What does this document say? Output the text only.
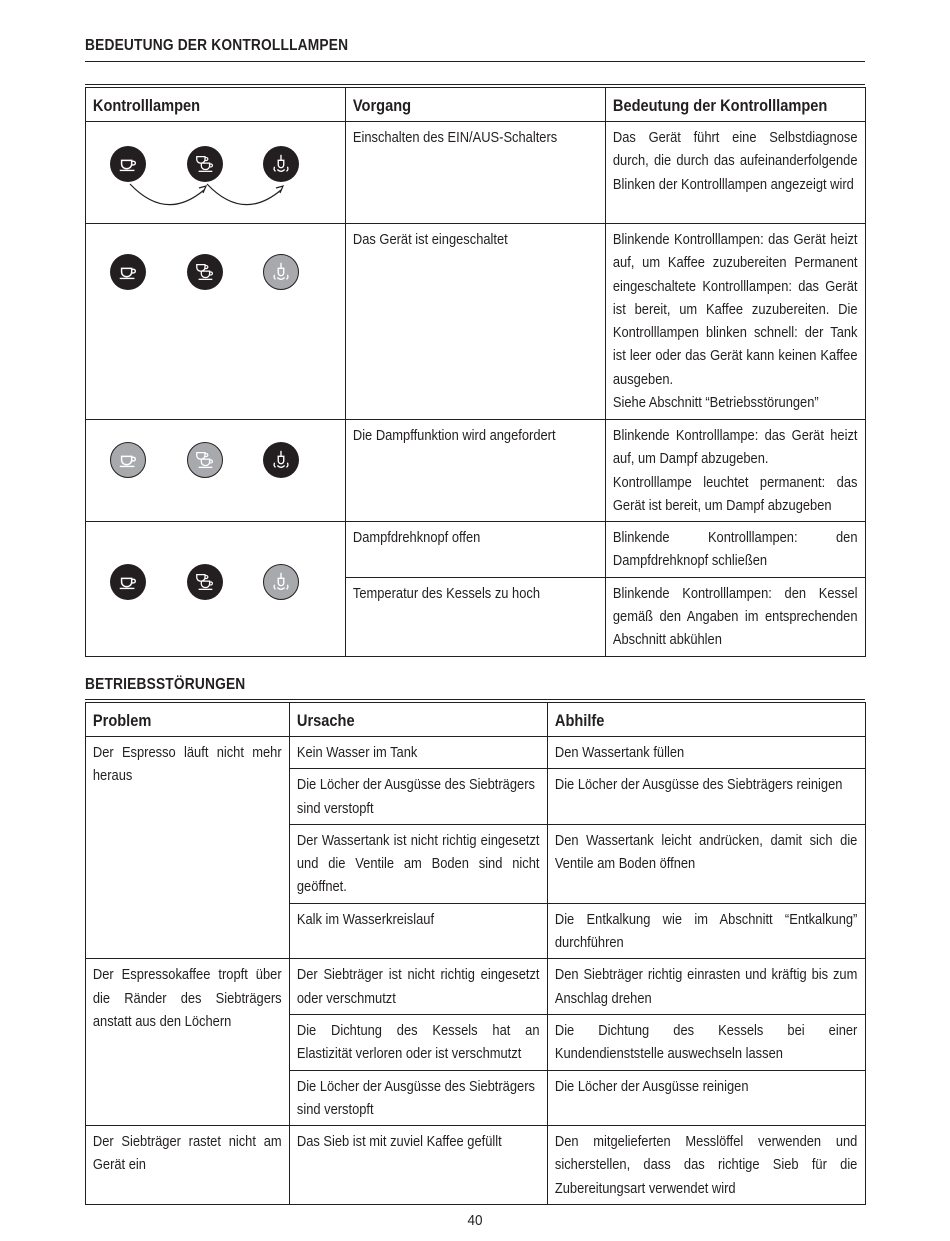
BEDEUTUNG DER KONTROLLLAMPEN
Kontrolllampen	Vorgang	Bedeutung der Kontrolllampen

Einschalten des EIN/AUS-Schalters	Das Gerät führt eine Selbstdiagnose durch, die durch das aufeinanderfolgende Blinken der Kontrolllampen angezeigt wird

Das Gerät ist eingeschaltet	Blinkende Kontrolllampen: das Gerät heizt auf, um Kaffee zuzubereiten Permanent eingeschaltete Kontrolllampen: das Gerät ist bereit, um Kaffee zuzubereiten. Die Kontrolllampen blinken schnell: der Tank ist leer oder das Gerät kann keinen Kaffee ausgeben.
Siehe Abschnitt “Betriebsstörungen”

Die Dampffunktion wird angefordert	Blinkende Kontrolllampe: das Gerät heizt auf, um Dampf abzugeben.
Kontrolllampe leuchtet permanent: das Gerät ist bereit, um Dampf abzugeben

Dampfdrehknopf offen	Blinkende Kontrolllampen: den Dampfdrehknopf schließen

	Temperatur des Kessels zu hoch	Blinkende Kontrolllampen: den Kessel gemäß den Angaben im entsprechenden Abschnitt abkühlen
BETRIEBSSTÖRUNGEN
Problem	Ursache	Abhilfe

Der Espresso läuft nicht mehr heraus	Kein Wasser im Tank	Den Wassertank füllen

	Die Löcher der Ausgüsse des Siebträgers sind verstopft	Die Löcher der Ausgüsse des Siebträgers reinigen

	Der Wassertank ist nicht richtig eingesetzt und die Ventile am Boden sind nicht geöffnet.	Den Wassertank leicht andrücken, damit sich die Ventile am Boden öffnen

	Kalk im Wasserkreislauf	Die Entkalkung wie im Abschnitt “Entkalkung” durchführen

Der Espressokaffee tropft über die Ränder des Siebträgers anstatt aus den Löchern	Der Siebträger ist nicht richtig eingesetzt oder verschmutzt	Den Siebträger richtig einrasten und kräftig bis zum Anschlag drehen

	Die Dichtung des Kessels hat an Elastizität verloren oder ist verschmutzt	Die Dichtung des Kessels bei einer Kundendienststelle auswechseln lassen

	Die Löcher der Ausgüsse des Siebträgers sind verstopft	Die Löcher der Ausgüsse reinigen

Der Siebträger rastet nicht am Gerät ein	Das Sieb ist mit zuviel Kaffee gefüllt	Den mitgelieferten Messlöffel verwenden und sicherstellen, dass das richtige Sieb für die Zubereitungsart verwendet wird
40
